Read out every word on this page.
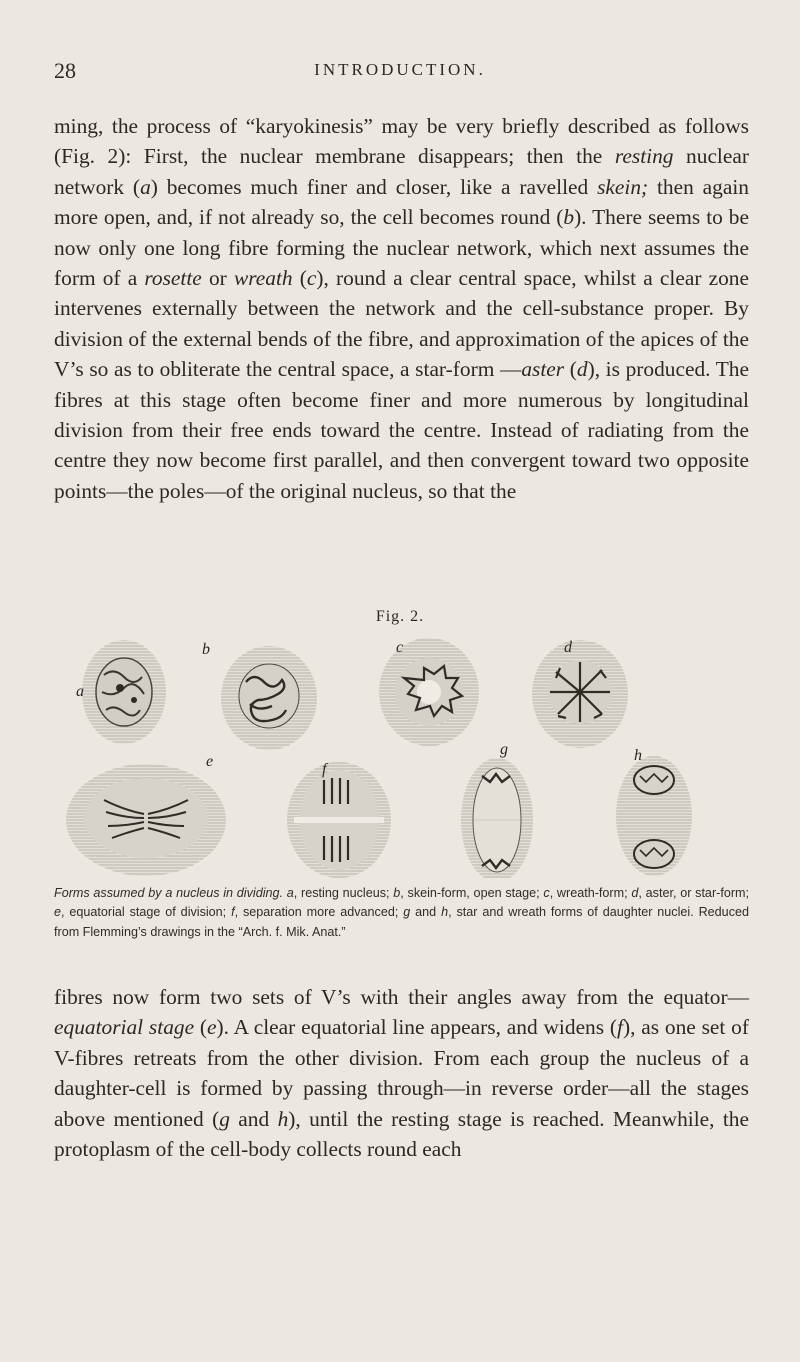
28	INTRODUCTION.

ming, the process of “karyokinesis” may be very briefly described as follows (Fig. 2): First, the nuclear membrane disappears; then the resting nuclear network (a) becomes much finer and closer, like a ravelled skein; then again more open, and, if not already so, the cell becomes round (b). There seems to be now only one long fibre forming the nuclear network, which next assumes the form of a rosette or wreath (c), round a clear central space, whilst a clear zone intervenes externally between the network and the cell-substance proper. By division of the external bends of the fibre, and approximation of the apices of the V’s so as to obliterate the central space, a star-form —aster (d), is produced. The fibres at this stage often become finer and more numerous by longitudinal division from their free ends toward the centre. Instead of radiating from the centre they now become first parallel, and then convergent toward two opposite points—the poles—of the original nucleus, so that the

Fig. 2.
a
b	c	d
e	f
g	h

Forms assumed by a nucleus in dividing. a, resting nucleus; b, skein-form, open stage; c, wreath-form; d, aster, or star-form; e, equatorial stage of division; f, separation more advanced; g and h, star and wreath forms of daughter nuclei. Reduced from Flemming’s drawings in the “Arch. f. Mik. Anat.”

fibres now form two sets of V’s with their angles away from the equator—equatorial stage (e). A clear equatorial line appears, and widens (f), as one set of V-fibres retreats from the other division. From each group the nucleus of a daughter-cell is formed by passing through—in reverse order—all the stages above mentioned (g and h), until the resting stage is reached. Meanwhile, the protoplasm of the cell-body collects round each
